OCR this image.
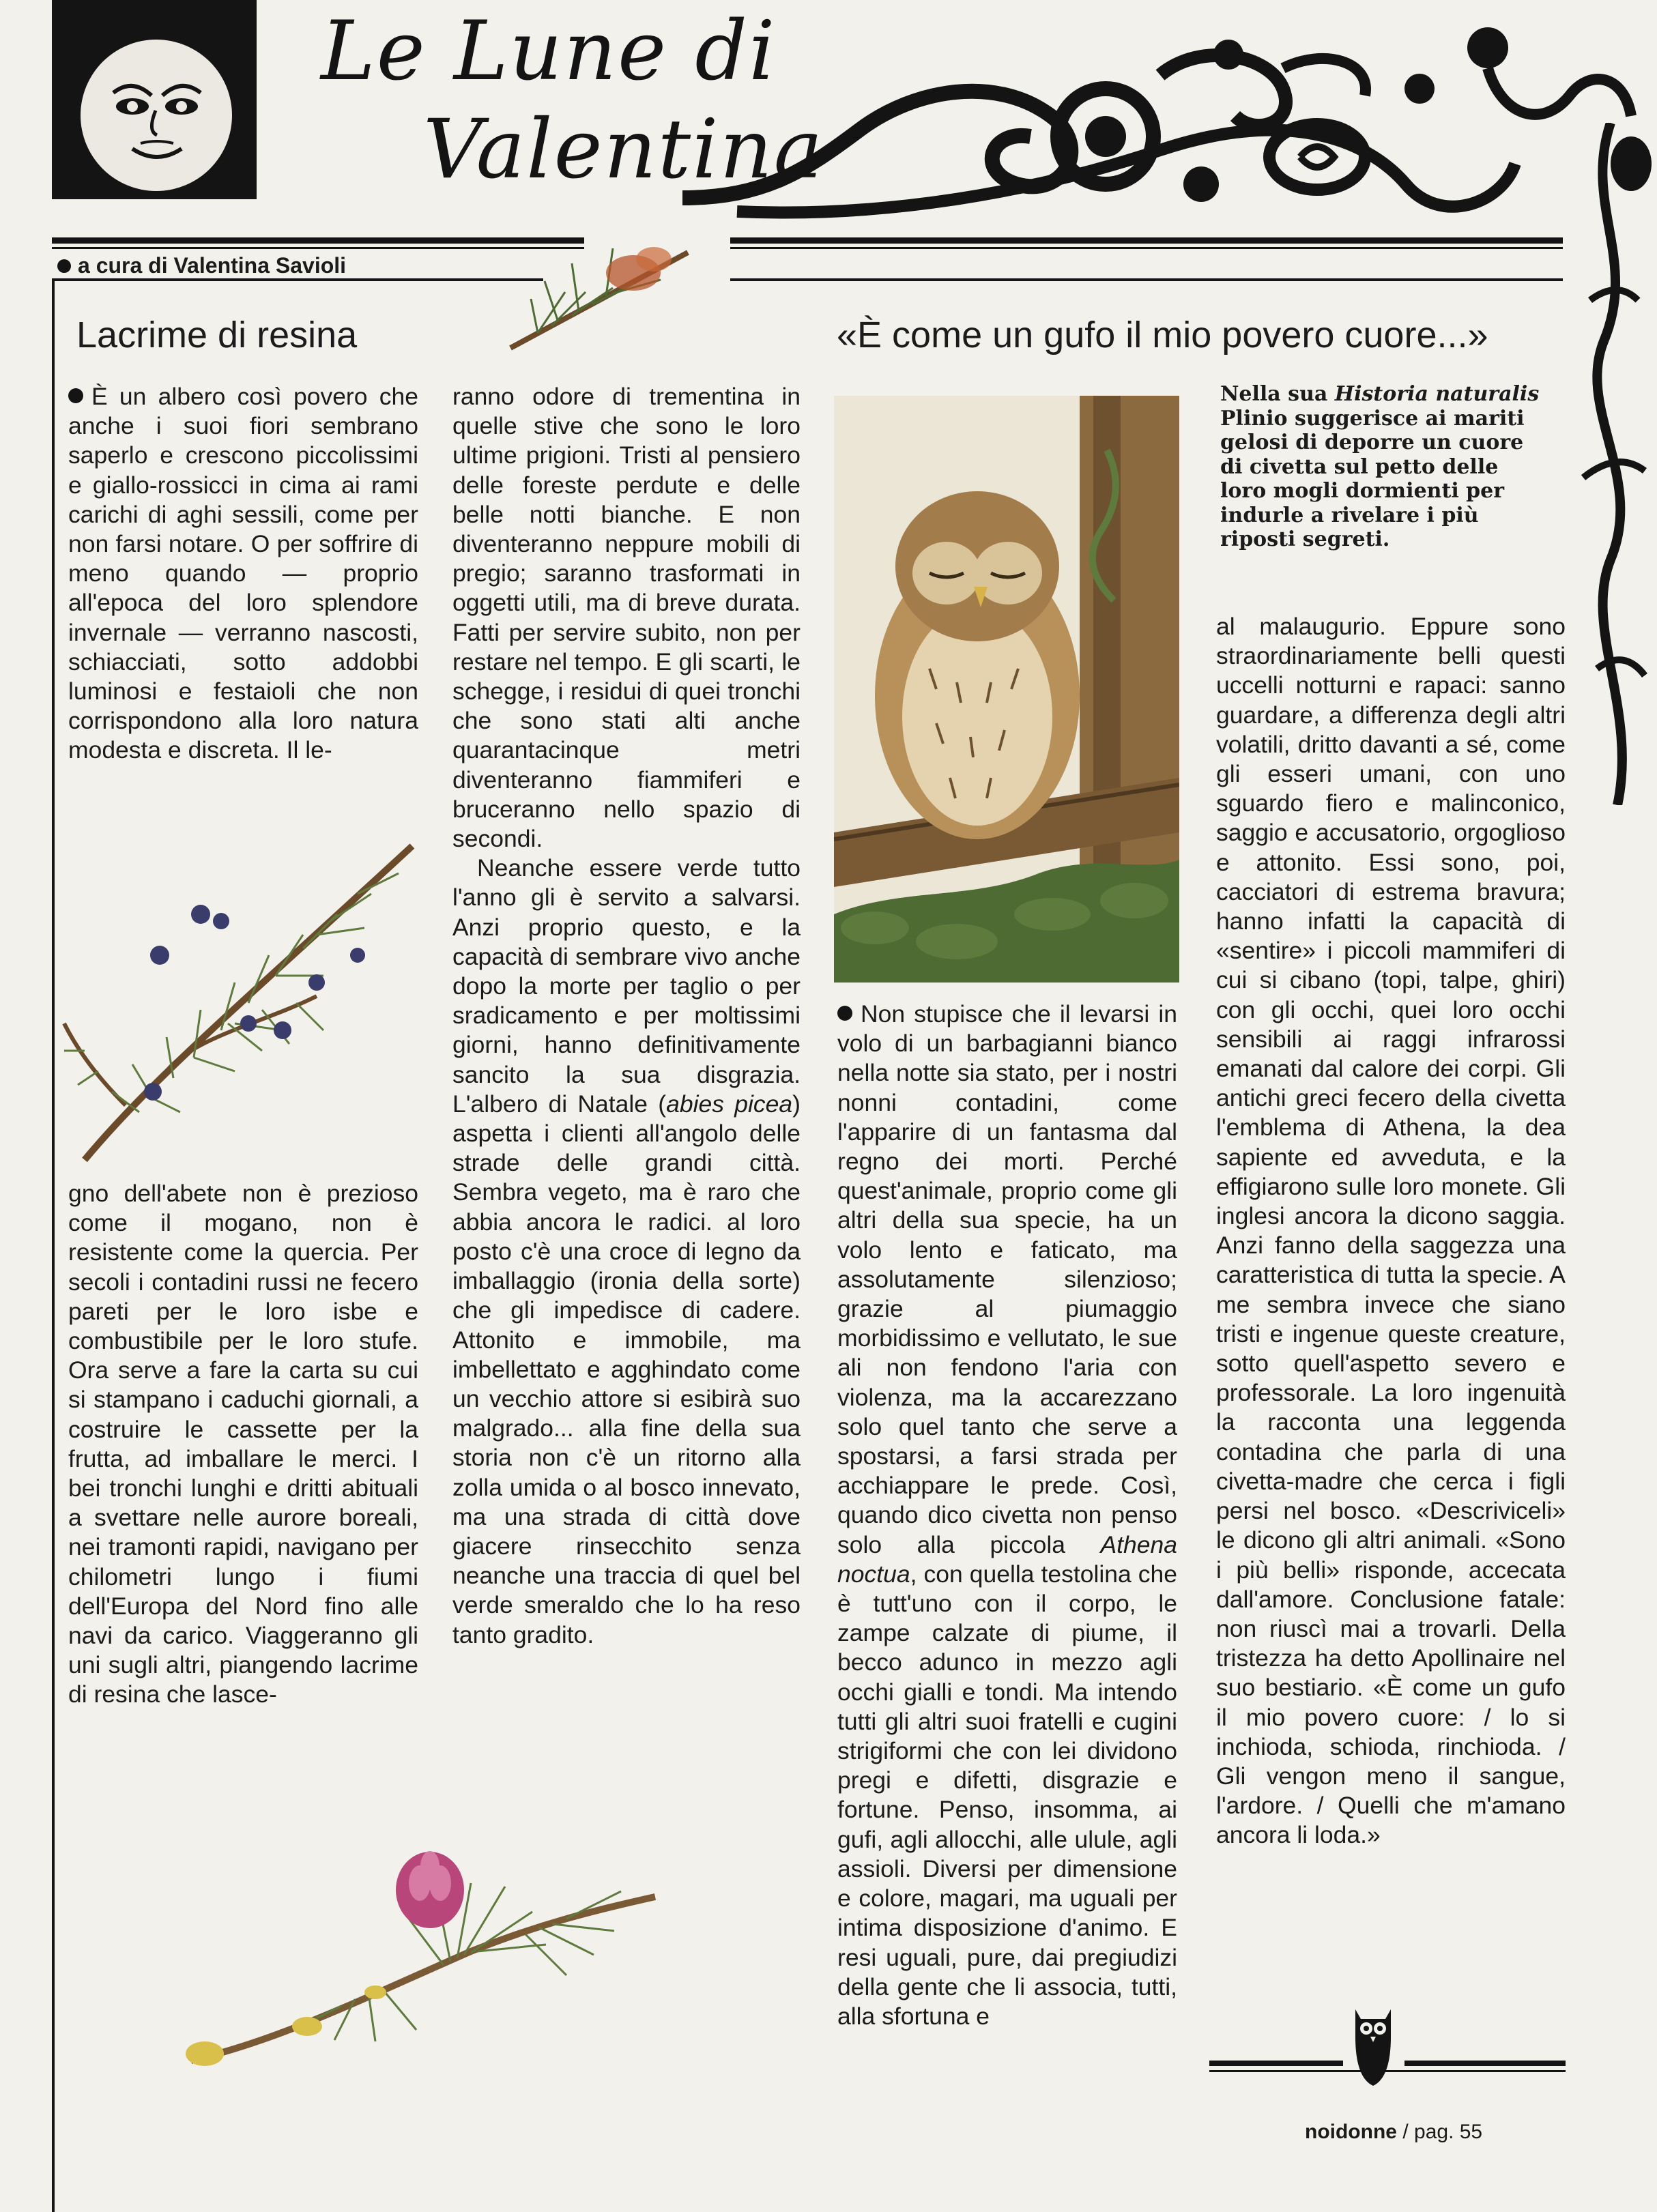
Le Lune di
Valentina
a cura di Valentina Savioli
Lacrime di resina	«È come un gufo il mio povero cuore...»

È un albero così povero che anche i suoi fiori sembrano saperlo e crescono piccolissimi e giallo-rossicci in cima ai rami carichi di aghi sessili, come per non farsi notare. O per soffrire di meno quando — proprio all'epoca del loro splendore invernale — verranno nascosti, schiacciati, sotto addobbi luminosi e festaioli che non corrispondono alla loro natura modesta e discreta. Il le-

gno dell'abete non è prezioso come il mogano, non è resistente come la quercia. Per secoli i contadini russi ne fecero pareti per le loro isbe e combustibile per le loro stufe. Ora serve a fare la carta su cui si stampano i caduchi giornali, a costruire le cassette per la frutta, ad imballare le merci. I bei tronchi lunghi e dritti abituali a svettare nelle aurore boreali, nei tramonti rapidi, navigano per chilometri lungo i fiumi dell'Europa del Nord fino alle navi da carico. Viaggeranno gli uni sugli altri, piangendo lacrime di resina che lasce-

ranno odore di trementina in quelle stive che sono le loro ultime prigioni. Tristi al pensiero delle foreste perdute e delle belle notti bianche. E non diventeranno neppure mobili di pregio; saranno trasformati in oggetti utili, ma di breve durata. Fatti per servire subito, non per restare nel tempo. E gli scarti, le schegge, i residui di quei tronchi che sono stati alti anche quarantacinque metri diventeranno fiammiferi e bruceranno nello spazio di secondi.

Neanche essere verde tutto l'anno gli è servito a salvarsi. Anzi proprio questo, e la capacità di sembrare vivo anche dopo la morte per taglio o per sradicamento e per moltissimi giorni, hanno definitivamente sancito la sua disgrazia. L'albero di Natale (abies picea) aspetta i clienti all'angolo delle strade delle grandi città. Sembra vegeto, ma è raro che abbia ancora le radici. al loro posto c'è una croce di legno da imballaggio (ironia della sorte) che gli impedisce di cadere. Attonito e immobile, ma imbellettato e agghindato come un vecchio attore si esibirà suo malgrado... alla fine della sua storia non c'è un ritorno alla zolla umida o al bosco innevato, ma una strada di città dove giacere rinsecchito senza neanche una traccia di quel bel verde smeraldo che lo ha reso tanto gradito.

Nella sua Historia naturalis Plinio suggerisce ai mariti gelosi di deporre un cuore di civetta sul petto delle loro mogli dormienti per indurle a rivelare i più riposti segreti.

Non stupisce che il levarsi in volo di un barbagianni bianco nella notte sia stato, per i nostri nonni contadini, come l'apparire di un fantasma dal regno dei morti. Perché quest'animale, proprio come gli altri della sua specie, ha un volo lento e faticato, ma assolutamente silenzioso; grazie al piumaggio morbidissimo e vellutato, le sue ali non fendono l'aria con violenza, ma la accarezzano solo quel tanto che serve a spostarsi, a farsi strada per acchiappare le prede. Così, quando dico civetta non penso solo alla piccola Athena noctua, con quella testolina che è tutt'uno con il corpo, le zampe calzate di piume, il becco adunco in mezzo agli occhi gialli e tondi. Ma intendo tutti gli altri suoi fratelli e cugini strigiformi che con lei dividono pregi e difetti, disgrazie e fortune. Penso, insomma, ai gufi, agli allocchi, alle ulule, agli assioli. Diversi per dimensione e colore, magari, ma uguali per intima disposizione d'animo. E resi uguali, pure, dai pregiudizi della gente che li associa, tutti, alla sfortuna e

al malaugurio. Eppure sono straordinariamente belli questi uccelli notturni e rapaci: sanno guardare, a differenza degli altri volatili, dritto davanti a sé, come gli esseri umani, con uno sguardo fiero e malinconico, saggio e accusatorio, orgoglioso e attonito. Essi sono, poi, cacciatori di estrema bravura; hanno infatti la capacità di «sentire» i piccoli mammiferi di cui si cibano (topi, talpe, ghiri) con gli occhi, quei loro occhi sensibili ai raggi infrarossi emanati dal calore dei corpi. Gli antichi greci fecero della civetta l'emblema di Athena, la dea sapiente ed avveduta, e la effigiarono sulle loro monete. Gli inglesi ancora la dicono saggia. Anzi fanno della saggezza una caratteristica di tutta la specie. A me sembra invece che siano tristi e ingenue queste creature, sotto quell'aspetto severo e professorale. La loro ingenuità la racconta una leggenda contadina che parla di una civetta-madre che cerca i figli persi nel bosco. «Descriviceli» le dicono gli altri animali. «Sono i più belli» risponde, accecata dall'amore. Conclusione fatale: non riuscì mai a trovarli. Della tristezza ha detto Apollinaire nel suo bestiario. «È come un gufo il mio povero cuore: / lo si inchioda, schioda, rinchioda. / Gli vengon meno il sangue, l'ardore. / Quelli che m'amano ancora li loda.»

noidonne / pag. 55
